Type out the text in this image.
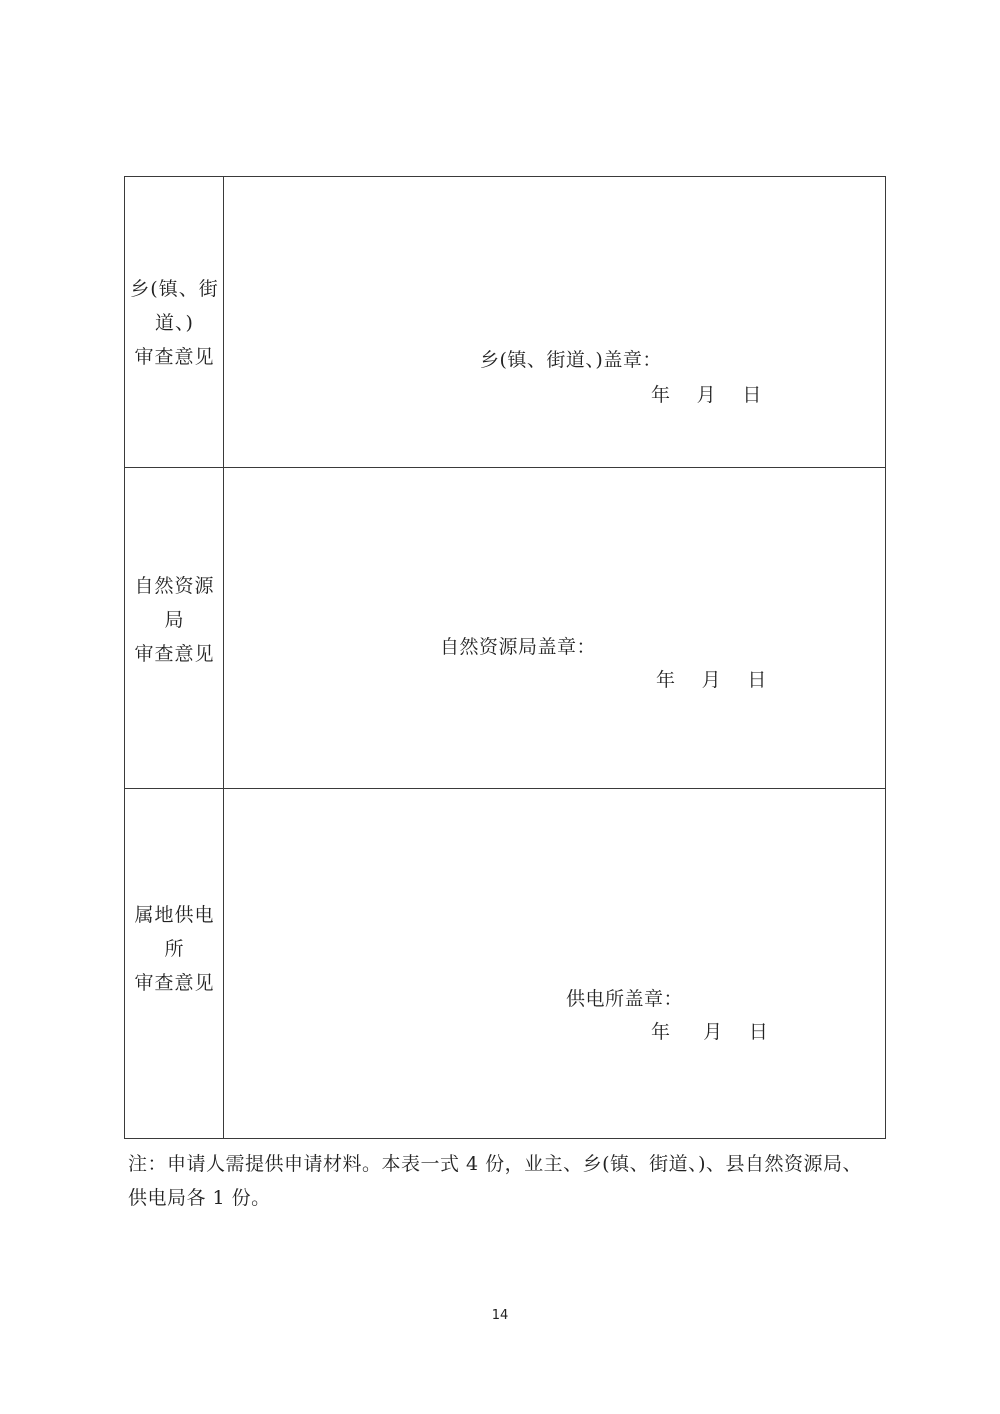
乡(镇、街
道、)
审查意见	乡(镇、街道、)盖章：
年    月    日
自然资源
局
审查意见	自然资源局盖章：
年    月    日
属地供电
所
审查意见
供电所盖章：
年     月    日
注：申请人需提供申请材料。本表一式 4 份，业主、乡(镇、街道、)、县自然资源局、
供电局各 1 份。
14
